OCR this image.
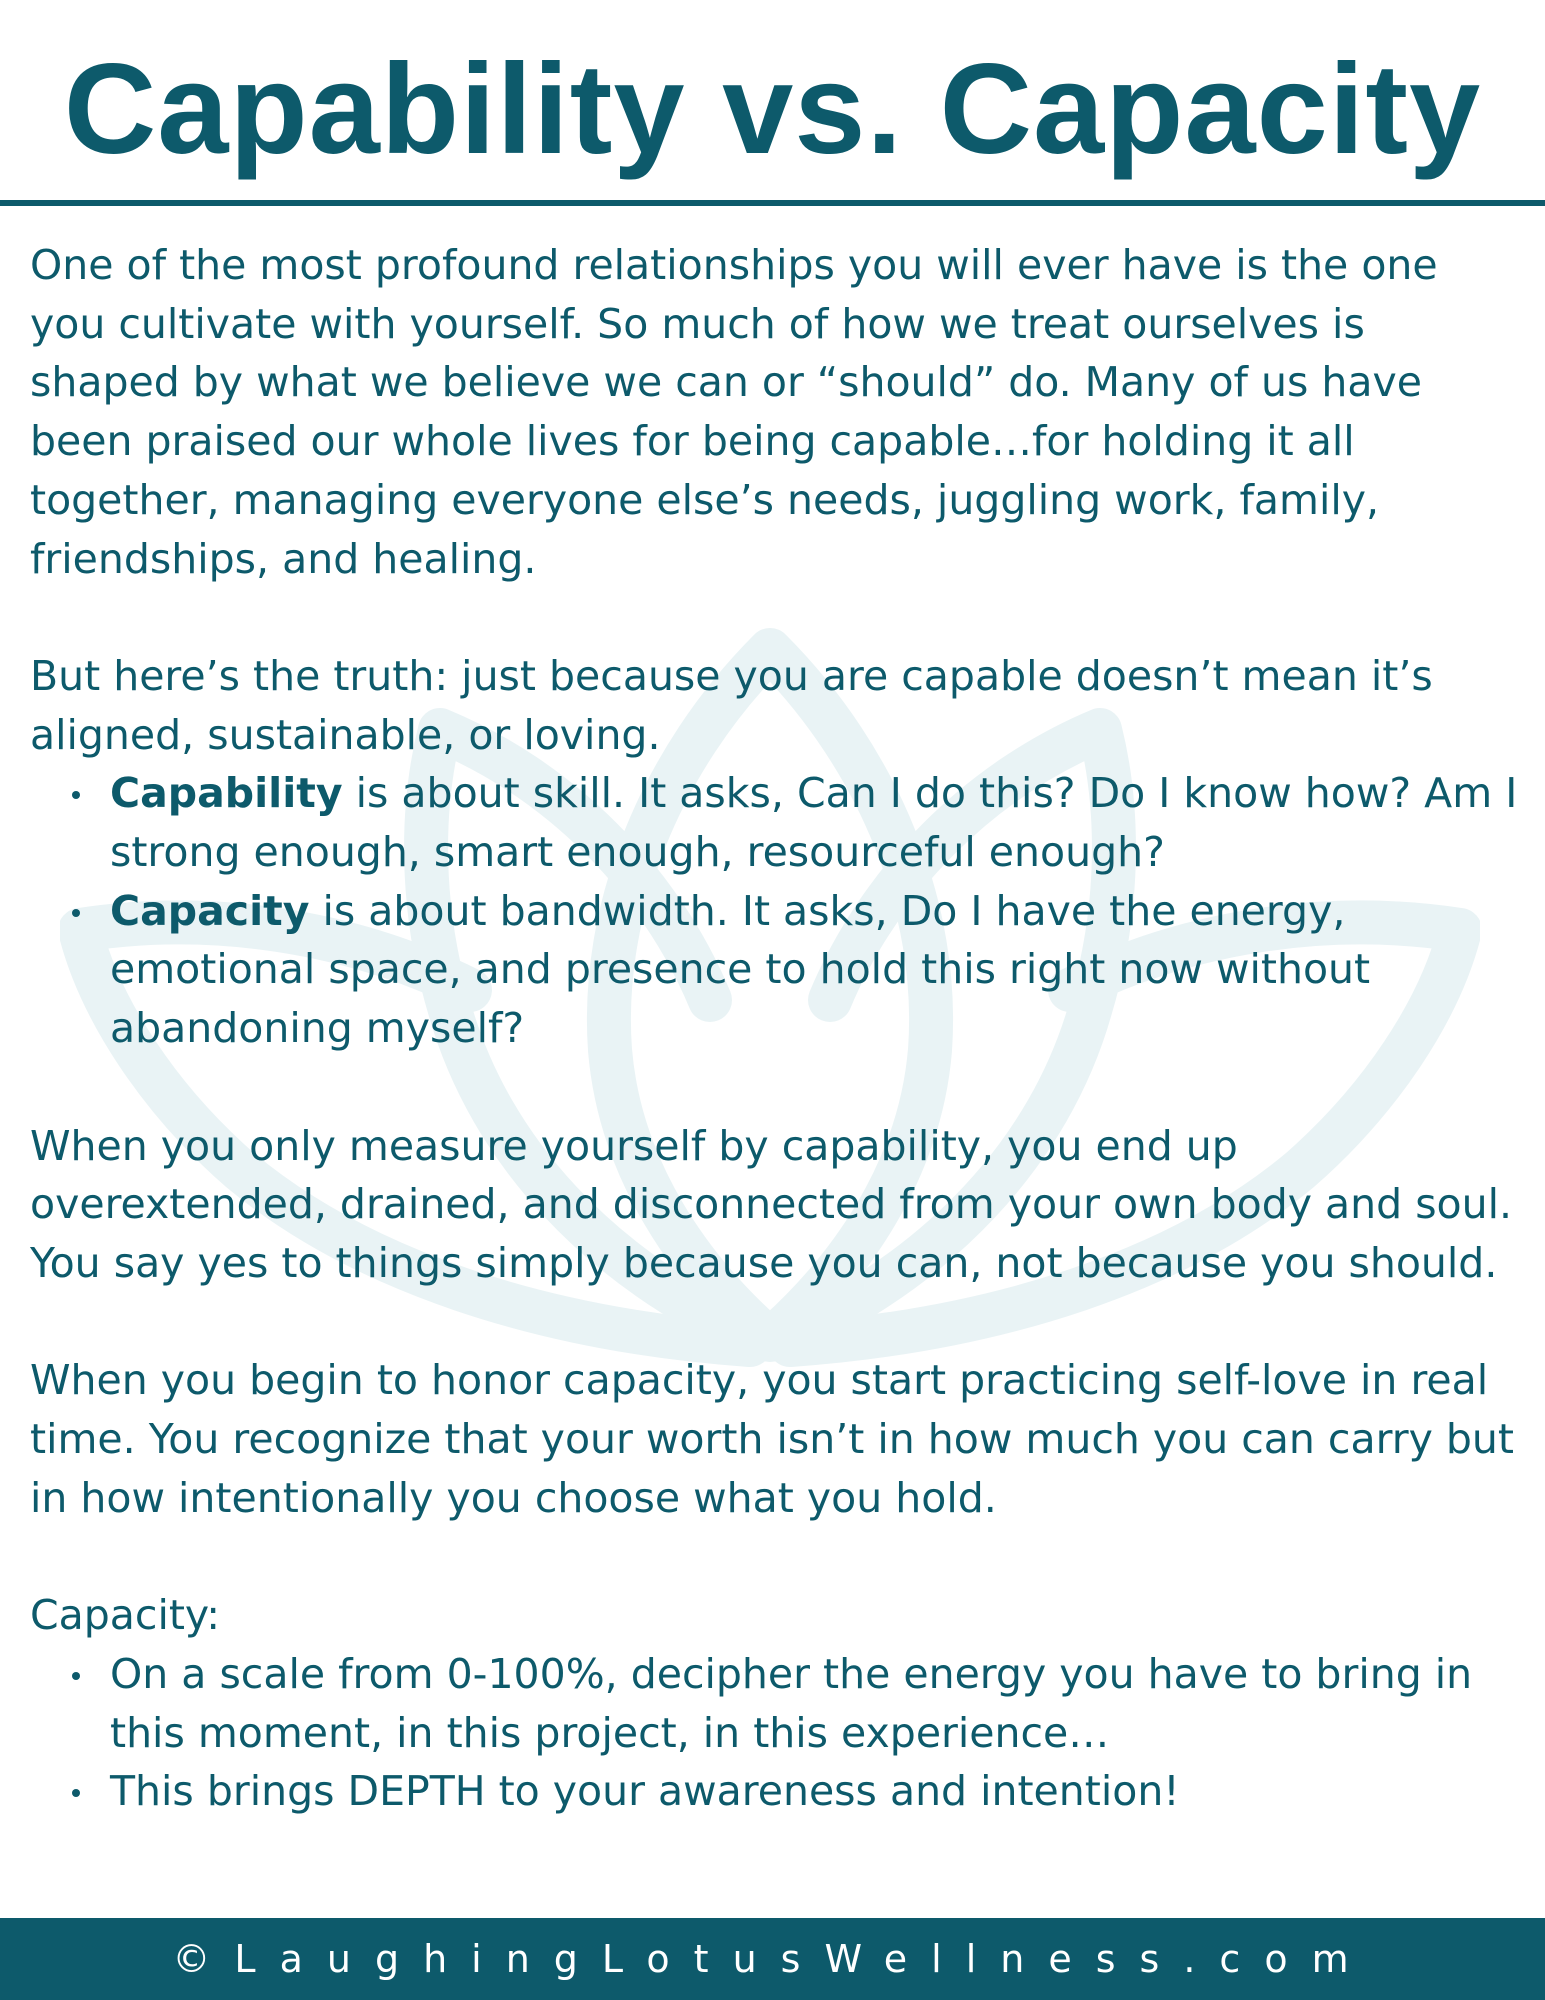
Capability vs. Capacity

One of the most profound relationships you will ever have is the one you cultivate with yourself. So much of how we treat ourselves is shaped by what we believe we can or “should” do. Many of us have been praised our whole lives for being capable…for holding it all together, managing everyone else’s needs, juggling work, family, friendships, and healing.

But here’s the truth: just because you are capable doesn’t mean it’s aligned, sustainable, or loving.

Capability is about skill. It asks, Can I do this? Do I know how? Am I strong enough, smart enough, resourceful enough?
Capacity is about bandwidth. It asks, Do I have the energy, emotional space, and presence to hold this right now without abandoning myself?

When you only measure yourself by capability, you end up overextended, drained, and disconnected from your own body and soul. You say yes to things simply because you can, not because you should.

When you begin to honor capacity, you start practicing self-love in real time. You recognize that your worth isn’t in how much you can carry but in how intentionally you choose what you hold.

Capacity:

On a scale from 0-100%, decipher the energy you have to bring in this moment, in this project, in this experience…
This brings DEPTH to your awareness and intention!
©LaughingLotusWellness.com
